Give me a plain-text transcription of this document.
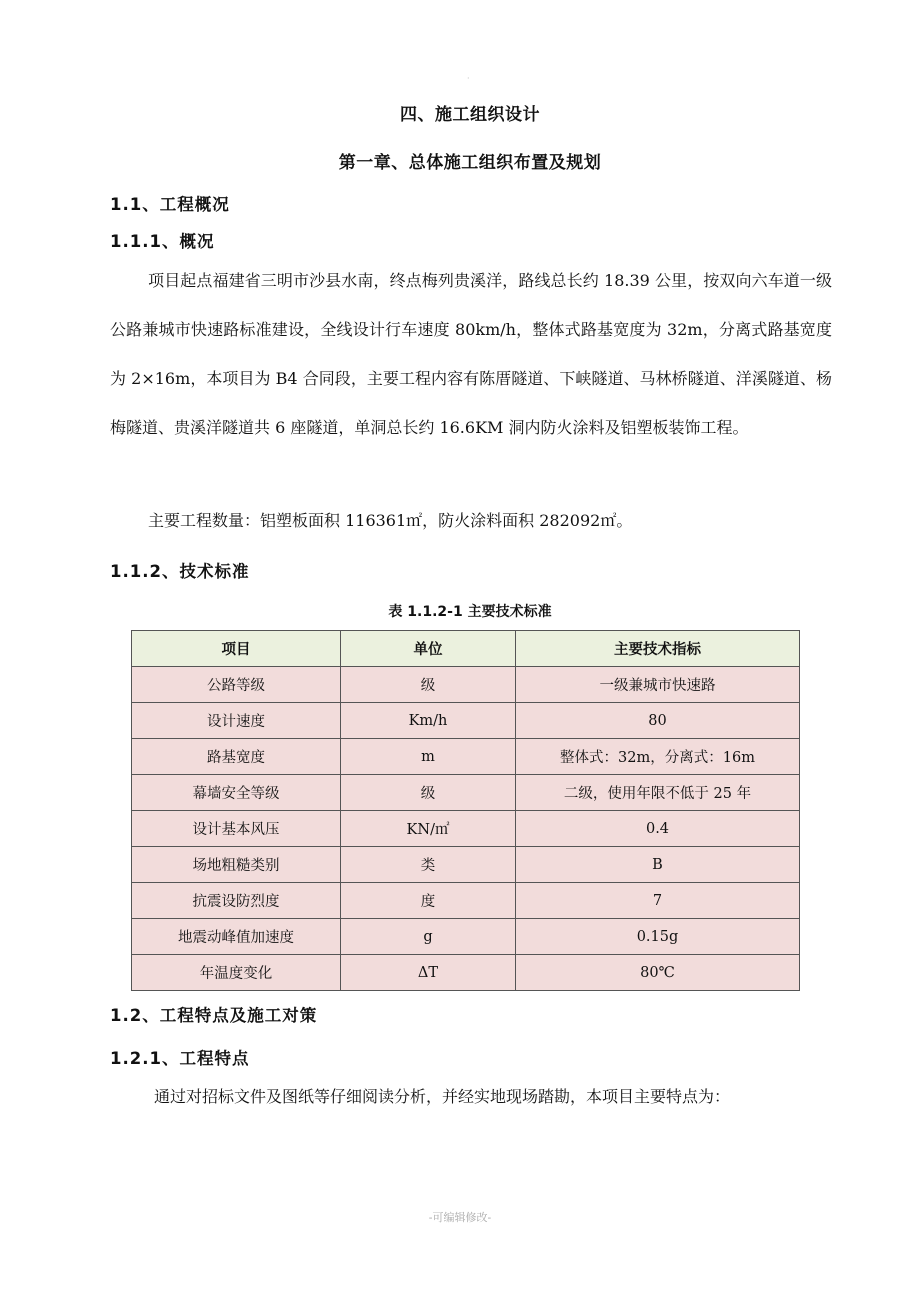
·
四、施工组织设计
第一章、总体施工组织布置及规划
1.1、工程概况
1.1.1、概况

项目起点福建省三明市沙县水南，终点梅列贵溪洋，路线总长约 18.39 公里，按双向六车道一级公路兼城市快速路标准建设，全线设计行车速度 80km/h，整体式路基宽度为 32m，分离式路基宽度为 2×16m，本项目为 B4 合同段，主要工程内容有陈厝隧道、下峡隧道、马林桥隧道、洋溪隧道、杨梅隧道、贵溪洋隧道共 6 座隧道，单洞总长约 16.6KM 洞内防火涂料及铝塑板装饰工程。

主要工程数量：铝塑板面积 116361㎡，防火涂料面积 282092㎡。

1.1.2、技术标准
表 1.1.2-1 主要技术标准
项目	单位	主要技术指标
公路等级	级	一级兼城市快速路
设计速度	Km/h	80
路基宽度	m	整体式：32m，分离式：16m
幕墙安全等级	级	二级，使用年限不低于 25 年
设计基本风压	KN/㎡	0.4
场地粗糙类别	类	B
抗震设防烈度	度	7
地震动峰值加速度	g	0.15g
年温度变化	ΔT	80℃
1.2、工程特点及施工对策
1.2.1、工程特点

通过对招标文件及图纸等仔细阅读分析，并经实地现场踏勘，本项目主要特点为：

-可编辑修改-
